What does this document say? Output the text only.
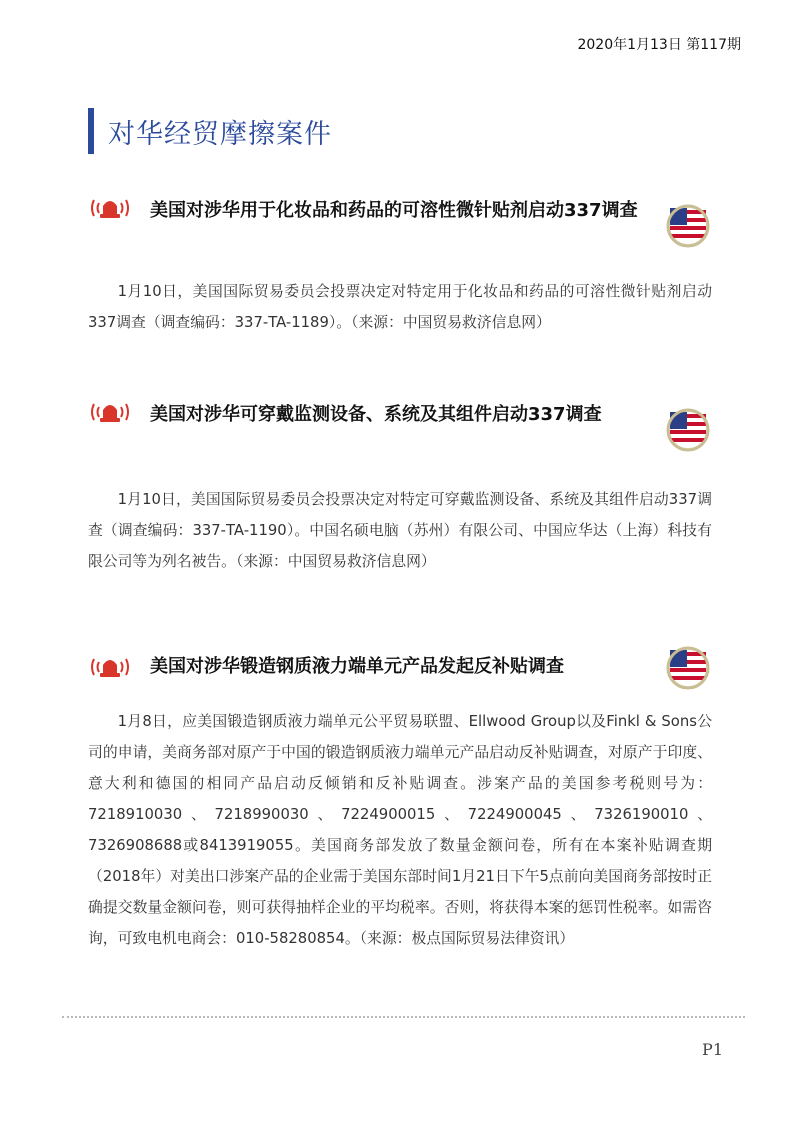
2020年1月13日 第117期
对华经贸摩擦案件
美国对涉华用于化妆品和药品的可溶性微针贴剂启动337调查
1月10日，美国国际贸易委员会投票决定对特定用于化妆品和药品的可溶性微针贴剂启动337调查（调查编码：337-TA-1189）。（来源：中国贸易救济信息网）
美国对涉华可穿戴监测设备、系统及其组件启动337调查
1月10日，美国国际贸易委员会投票决定对特定可穿戴监测设备、系统及其组件启动337调查（调查编码：337-TA-1190）。中国名硕电脑（苏州）有限公司、中国应华达（上海）科技有限公司等为列名被告。（来源：中国贸易救济信息网）
美国对涉华锻造钢质液力端单元产品发起反补贴调查
1月8日，应美国锻造钢质液力端单元公平贸易联盟、Ellwood Group以及Finkl & Sons公司的申请，美商务部对原产于中国的锻造钢质液力端单元产品启动反补贴调查，对原产于印度、意大利和德国的相同产品启动反倾销和反补贴调查。涉案产品的美国参考税则号为：7218910030、7218990030、7224900015、7224900045、7326190010、7326908688或8413919055。美国商务部发放了数量金额问卷，所有在本案补贴调查期（2018年）对美出口涉案产品的企业需于美国东部时间1月21日下午5点前向美国商务部按时正确提交数量金额问卷，则可获得抽样企业的平均税率。否则，将获得本案的惩罚性税率。如需咨询，可致电机电商会：010-58280854。（来源：极点国际贸易法律资讯）
P1
